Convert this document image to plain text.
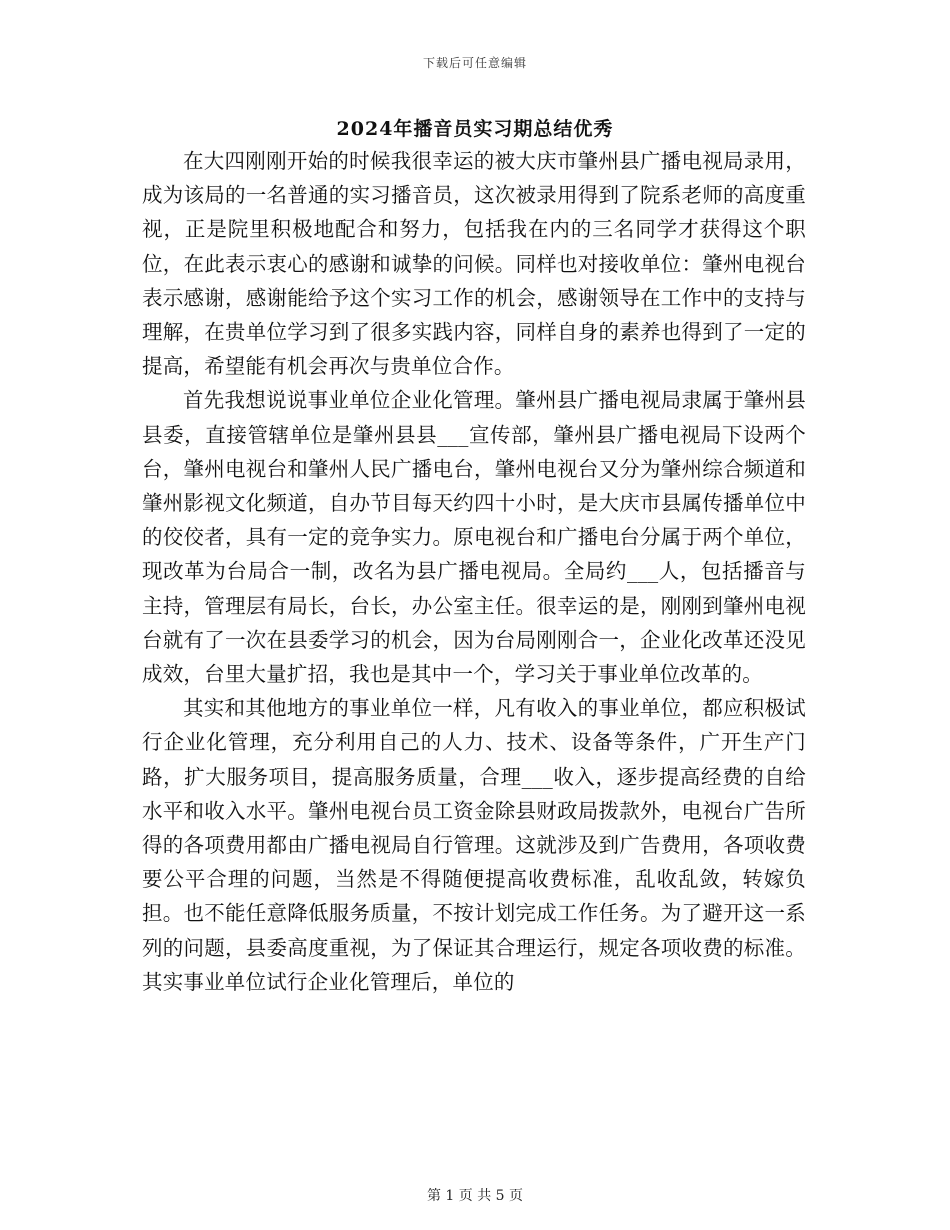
下载后可任意编辑
2024年播音员实习期总结优秀

在大四刚刚开始的时候我很幸运的被大庆市肇州县广播电视局录用，成为该局的一名普通的实习播音员，这次被录用得到了院系老师的高度重视，正是院里积极地配合和努力，包括我在内的三名同学才获得这个职位，在此表示衷心的感谢和诚挚的问候。同样也对接收单位：肇州电视台表示感谢，感谢能给予这个实习工作的机会，感谢领导在工作中的支持与理解，在贵单位学习到了很多实践内容，同样自身的素养也得到了一定的提高，希望能有机会再次与贵单位合作。

首先我想说说事业单位企业化管理。肇州县广播电视局隶属于肇州县县委，直接管辖单位是肇州县县___宣传部，肇州县广播电视局下设两个台，肇州电视台和肇州人民广播电台，肇州电视台又分为肇州综合频道和肇州影视文化频道，自办节目每天约四十小时，是大庆市县属传播单位中的佼佼者，具有一定的竞争实力。原电视台和广播电台分属于两个单位，现改革为台局合一制，改名为县广播电视局。全局约___人，包括播音与主持，管理层有局长，台长，办公室主任。很幸运的是，刚刚到肇州电视台就有了一次在县委学习的机会，因为台局刚刚合一，企业化改革还没见成效，台里大量扩招，我也是其中一个，学习关于事业单位改革的。

其实和其他地方的事业单位一样，凡有收入的事业单位，都应积极试行企业化管理，充分利用自己的人力、技术、设备等条件，广开生产门路，扩大服务项目，提高服务质量，合理___收入，逐步提高经费的自给水平和收入水平。肇州电视台员工资金除县财政局拨款外，电视台广告所得的各项费用都由广播电视局自行管理。这就涉及到广告费用，各项收费要公平合理的问题，当然是不得随便提高收费标准，乱收乱敛，转嫁负担。也不能任意降低服务质量，不按计划完成工作任务。为了避开这一系列的问题，县委高度重视，为了保证其合理运行，规定各项收费的标准。其实事业单位试行企业化管理后，单位的

第 1 页 共 5 页
